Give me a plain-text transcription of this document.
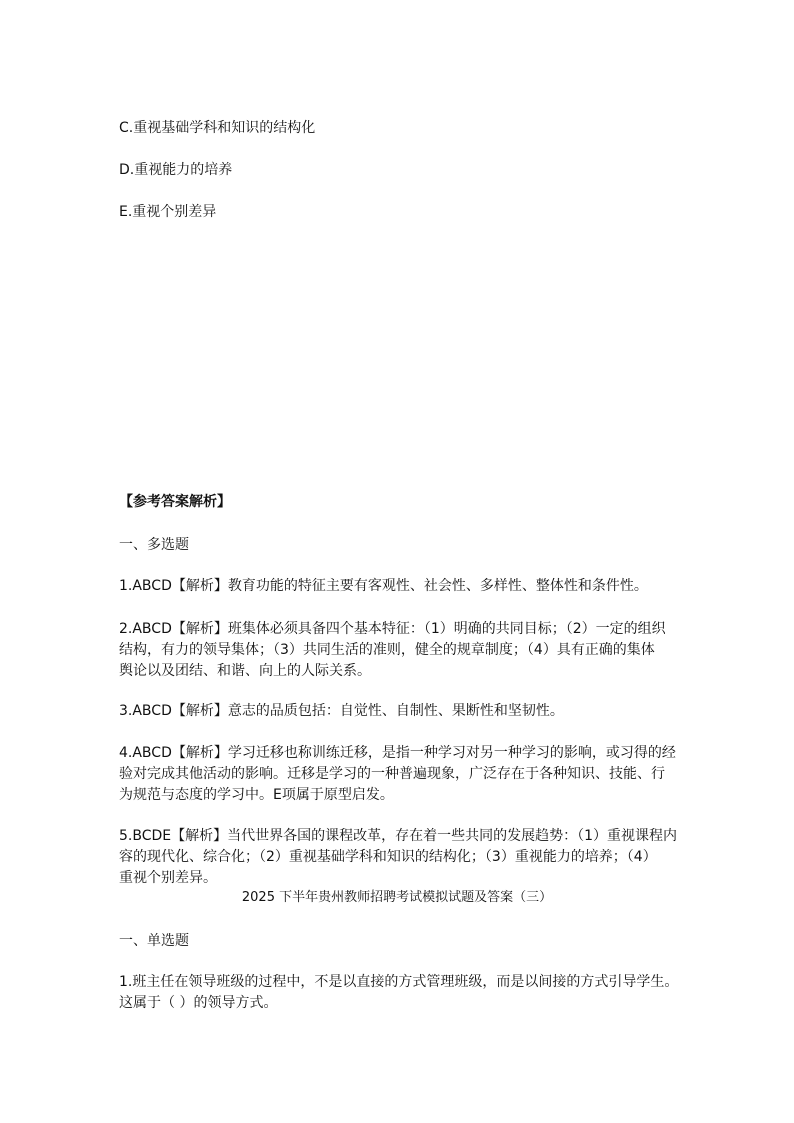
C.重视基础学科和知识的结构化
D.重视能力的培养
E.重视个别差异
【参考答案解析】
一、多选题
1.ABCD【解析】教育功能的特征主要有客观性、社会性、多样性、整体性和条件性。
2.ABCD【解析】班集体必须具备四个基本特征：（1）明确的共同目标；（2）一定的组织
结构，有力的领导集体；（3）共同生活的准则，健全的规章制度；（4）具有正确的集体
舆论以及团结、和谐、向上的人际关系。
3.ABCD【解析】意志的品质包括：自觉性、自制性、果断性和坚韧性。
4.ABCD【解析】学习迁移也称训练迁移，是指一种学习对另一种学习的影响，或习得的经
验对完成其他活动的影响。迁移是学习的一种普遍现象，广泛存在于各种知识、技能、行
为规范与态度的学习中。E项属于原型启发。
5.BCDE【解析】当代世界各国的课程改革，存在着一些共同的发展趋势：（1）重视课程内
容的现代化、综合化；（2）重视基础学科和知识的结构化；（3）重视能力的培养；（4）
重视个别差异。
2025 下半年贵州教师招聘考试模拟试题及答案（三）
一、单选题
1.班主任在领导班级的过程中，不是以直接的方式管理班级，而是以间接的方式引导学生。
这属于（ ）的领导方式。
